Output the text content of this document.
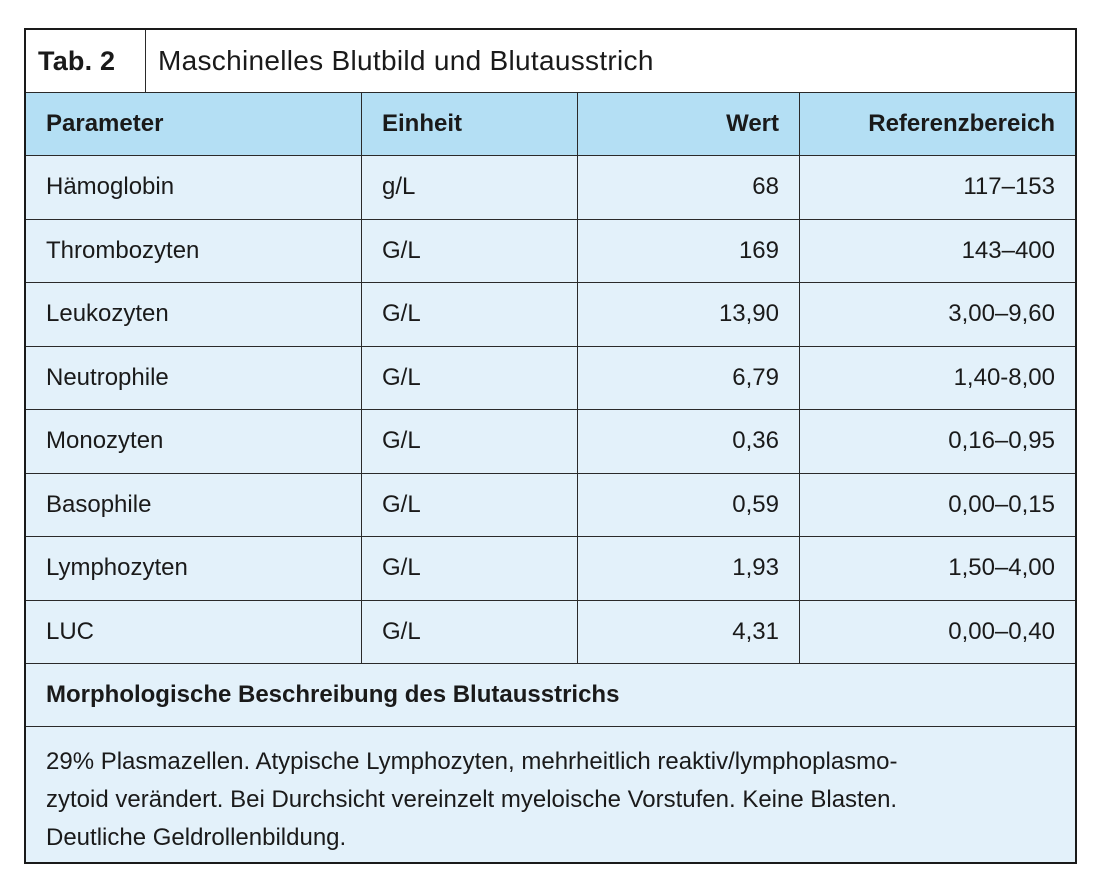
Tab. 2	Maschinelles Blutbild und Blutausstrich
Parameter	Einheit	Wert	Referenzbereich
Hämoglobin	g/L	68	117–153
Thrombozyten	G/L	169	143–400
Leukozyten	G/L	13,90	3,00–9,60
Neutrophile	G/L	6,79	1,40-8,00
Monozyten	G/L	0,36	0,16–0,95
Basophile	G/L	0,59	0,00–0,15
Lymphozyten	G/L	1,93	1,50–4,00
LUC	G/L	4,31	0,00–0,40
Morphologische Beschreibung des Blutausstrichs
29% Plasmazellen. Atypische Lymphozyten, mehrheitlich reaktiv/lymphoplasmo-
zytoid verändert. Bei Durchsicht vereinzelt myeloische Vorstufen. Keine Blasten.
Deutliche Geldrollenbildung.
